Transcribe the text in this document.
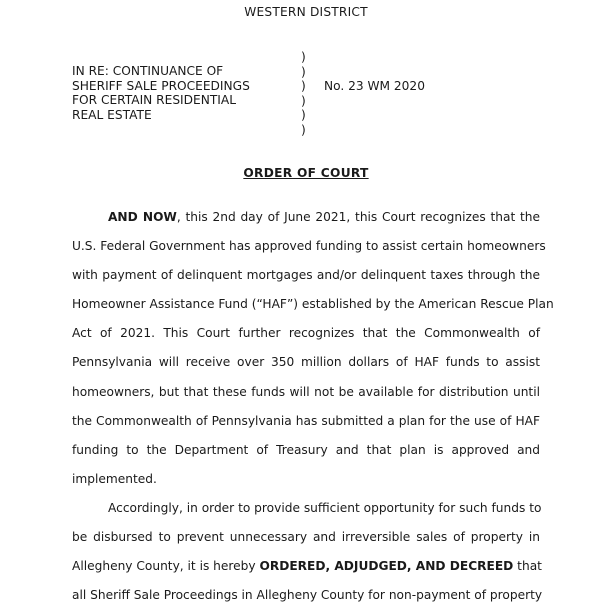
WESTERN DISTRICT
IN RE: CONTINUANCE OF
SHERIFF SALE PROCEEDINGS
FOR CERTAIN RESIDENTIAL
REAL ESTATE
)
)
)
)
)
)
No. 23 WM 2020
ORDER OF COURT
AND NOW, this 2nd day of June 2021, this Court recognizes that the
U.S. Federal Government has approved funding to assist certain homeowners
with payment of delinquent mortgages and/or delinquent taxes through the
Homeowner Assistance Fund (“HAF”) established by the American Rescue Plan
Act of 2021. This Court further recognizes that the Commonwealth of
Pennsylvania will receive over 350 million dollars of HAF funds to assist
homeowners, but that these funds will not be available for distribution until
the Commonwealth of Pennsylvania has submitted a plan for the use of HAF
funding to the Department of Treasury and that plan is approved and
implemented.
Accordingly, in order to provide sufficient opportunity for such funds to
be disbursed to prevent unnecessary and irreversible sales of property in
Allegheny County, it is hereby ORDERED, ADJUDGED, AND DECREED that
all Sheriff Sale Proceedings in Allegheny County for non-payment of property
